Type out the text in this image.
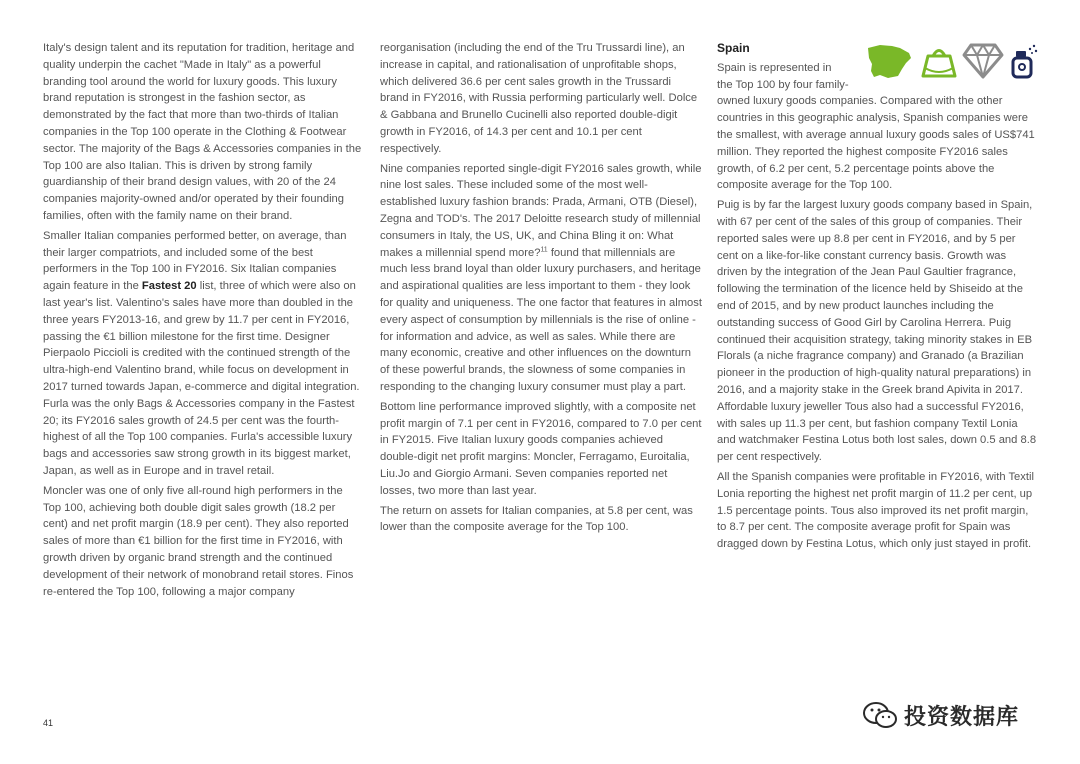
Italy's design talent and its reputation for tradition, heritage and quality underpin the cachet "Made in Italy" as a powerful branding tool around the world for luxury goods. This luxury brand reputation is strongest in the fashion sector, as demonstrated by the fact that more than two-thirds of Italian companies in the Top 100 operate in the Clothing & Footwear sector. The majority of the Bags & Accessories companies in the Top 100 are also Italian. This is driven by strong family guardianship of their brand design values, with 20 of the 24 companies majority-owned and/or operated by their founding families, often with the family name on their brand.

Smaller Italian companies performed better, on average, than their larger compatriots, and included some of the best performers in the Top 100 in FY2016. Six Italian companies again feature in the Fastest 20 list, three of which were also on last year's list. Valentino's sales have more than doubled in the three years FY2013-16, and grew by 11.7 per cent in FY2016, passing the €1 billion milestone for the first time. Designer Pierpaolo Piccioli is credited with the continued strength of the ultra-high-end Valentino brand, while focus on development in 2017 turned towards Japan, e-commerce and digital integration. Furla was the only Bags & Accessories company in the Fastest 20; its FY2016 sales growth of 24.5 per cent was the fourth-highest of all the Top 100 companies. Furla's accessible luxury bags and accessories saw strong growth in its biggest market, Japan, as well as in Europe and in travel retail.

Moncler was one of only five all-round high performers in the Top 100, achieving both double digit sales growth (18.2 per cent) and net profit margin (18.9 per cent). They also reported sales of more than €1 billion for the first time in FY2016, with growth driven by organic brand strength and the continued development of their network of monobrand retail stores. Finos re-entered the Top 100, following a major company

reorganisation (including the end of the Tru Trussardi line), an increase in capital, and rationalisation of unprofitable shops, which delivered 36.6 per cent sales growth in the Trussardi brand in FY2016, with Russia performing particularly well. Dolce & Gabbana and Brunello Cucinelli also reported double-digit growth in FY2016, of 14.3 per cent and 10.1 per cent respectively.

Nine companies reported single-digit FY2016 sales growth, while nine lost sales. These included some of the most well-established luxury fashion brands: Prada, Armani, OTB (Diesel), Zegna and TOD's. The 2017 Deloitte research study of millennial consumers in Italy, the US, UK, and China Bling it on: What makes a millennial spend more?$^{11}$ found that millennials are much less brand loyal than older luxury purchasers, and heritage and aspirational qualities are less important to them - they look for quality and uniqueness. The one factor that features in almost every aspect of consumption by millennials is the rise of online - for information and advice, as well as sales. While there are many economic, creative and other influences on the downturn of these powerful brands, the slowness of some companies in responding to the changing luxury consumer must play a part.

Bottom line performance improved slightly, with a composite net profit margin of 7.1 per cent in FY2016, compared to 7.0 per cent in FY2015. Five Italian luxury goods companies achieved double-digit net profit margins: Moncler, Ferragamo, Euroitalia, Liu.Jo and Giorgio Armani. Seven companies reported net losses, two more than last year.

The return on assets for Italian companies, at 5.8 per cent, was lower than the composite average for the Top 100.

Spain

Spain is represented in
the Top 100 by four family-
owned luxury goods companies. Compared with the other countries in this geographic analysis, Spanish companies were the smallest, with average annual luxury goods sales of US$741 million. They reported the highest composite FY2016 sales growth, of 6.2 per cent, 5.2 percentage points above the composite average for the Top 100.

Puig is by far the largest luxury goods company based in Spain, with 67 per cent of the sales of this group of companies. Their reported sales were up 8.8 per cent in FY2016, and by 5 per cent on a like-for-like constant currency basis. Growth was driven by the integration of the Jean Paul Gaultier fragrance, following the termination of the licence held by Shiseido at the end of 2015, and by new product launches including the outstanding success of Good Girl by Carolina Herrera. Puig continued their acquisition strategy, taking minority stakes in EB Florals (a niche fragrance company) and Granado (a Brazilian pioneer in the production of high-quality natural preparations) in 2016, and a majority stake in the Greek brand Apivita in 2017. Affordable luxury jeweller Tous also had a successful FY2016, with sales up 11.3 per cent, but fashion company Textil Lonia and watchmaker Festina Lotus both lost sales, down 0.5 and 8.8 per cent respectively.

All the Spanish companies were profitable in FY2016, with Textil Lonia reporting the highest net profit margin of 11.2 per cent, up 1.5 percentage points. Tous also improved its net profit margin, to 8.7 per cent. The composite average profit for Spain was dragged down by Festina Lotus, which only just stayed in profit.

41	投资数据库
